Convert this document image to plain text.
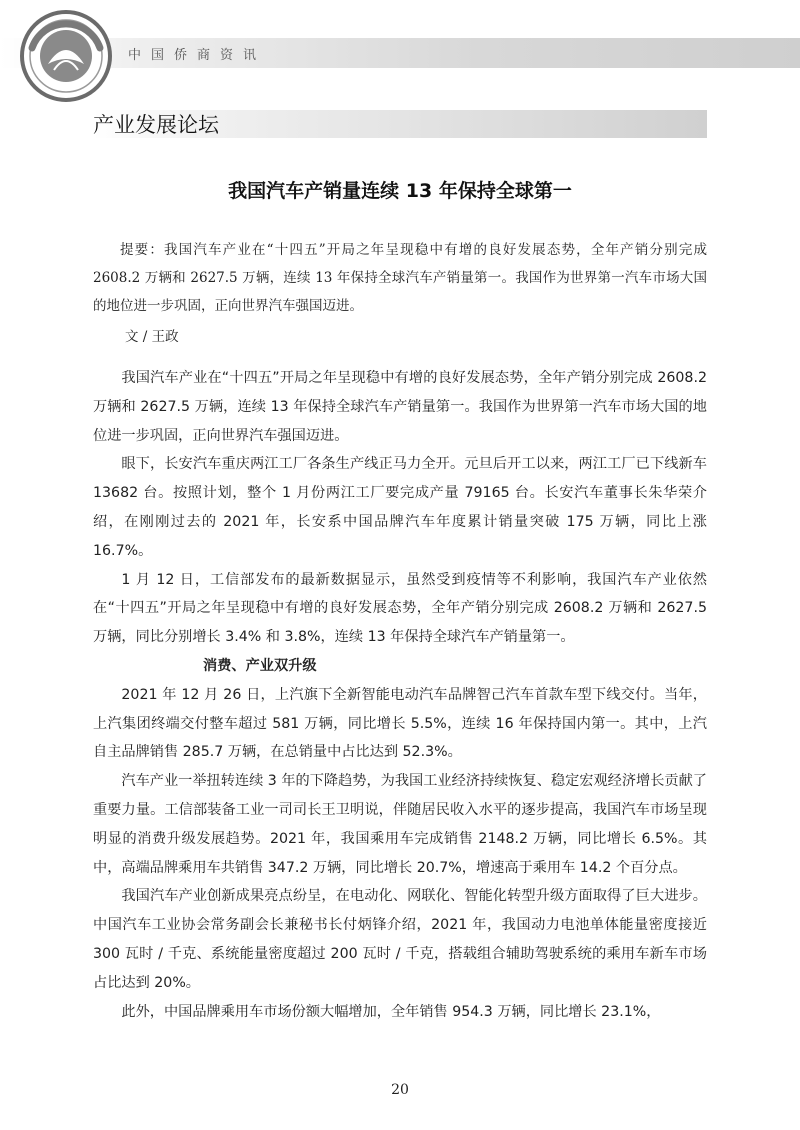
中国侨商资讯
产业发展论坛
我国汽车产销量连续 13 年保持全球第一

提要：我国汽车产业在“十四五”开局之年呈现稳中有增的良好发展态势，全年产销分别完成 2608.2 万辆和 2627.5 万辆，连续 13 年保持全球汽车产销量第一。我国作为世界第一汽车市场大国的地位进一步巩固，正向世界汽车强国迈进。

文 / 王政

我国汽车产业在“十四五”开局之年呈现稳中有增的良好发展态势，全年产销分别完成 2608.2 万辆和 2627.5 万辆，连续 13 年保持全球汽车产销量第一。我国作为世界第一汽车市场大国的地位进一步巩固，正向世界汽车强国迈进。

眼下，长安汽车重庆两江工厂各条生产线正马力全开。元旦后开工以来，两江工厂已下线新车 13682 台。按照计划，整个 1 月份两江工厂要完成产量 79165 台。长安汽车董事长朱华荣介绍，在刚刚过去的 2021 年，长安系中国品牌汽车年度累计销量突破 175 万辆，同比上涨 16.7%。

1 月 12 日，工信部发布的最新数据显示，虽然受到疫情等不利影响，我国汽车产业依然在“十四五”开局之年呈现稳中有增的良好发展态势，全年产销分别完成 2608.2 万辆和 2627.5 万辆，同比分别增长 3.4% 和 3.8%，连续 13 年保持全球汽车产销量第一。

消费、产业双升级

2021 年 12 月 26 日，上汽旗下全新智能电动汽车品牌智己汽车首款车型下线交付。当年，上汽集团终端交付整车超过 581 万辆，同比增长 5.5%，连续 16 年保持国内第一。其中，上汽自主品牌销售 285.7 万辆，在总销量中占比达到 52.3%。

汽车产业一举扭转连续 3 年的下降趋势，为我国工业经济持续恢复、稳定宏观经济增长贡献了重要力量。工信部装备工业一司司长王卫明说，伴随居民收入水平的逐步提高，我国汽车市场呈现明显的消费升级发展趋势。2021 年，我国乘用车完成销售 2148.2 万辆，同比增长 6.5%。其中，高端品牌乘用车共销售 347.2 万辆，同比增长 20.7%，增速高于乘用车 14.2 个百分点。

我国汽车产业创新成果亮点纷呈，在电动化、网联化、智能化转型升级方面取得了巨大进步。中国汽车工业协会常务副会长兼秘书长付炳锋介绍，2021 年，我国动力电池单体能量密度接近 300 瓦时 / 千克、系统能量密度超过 200 瓦时 / 千克，搭载组合辅助驾驶系统的乘用车新车市场占比达到 20%。

此外，中国品牌乘用车市场份额大幅增加，全年销售 954.3 万辆，同比增长 23.1%，

20
